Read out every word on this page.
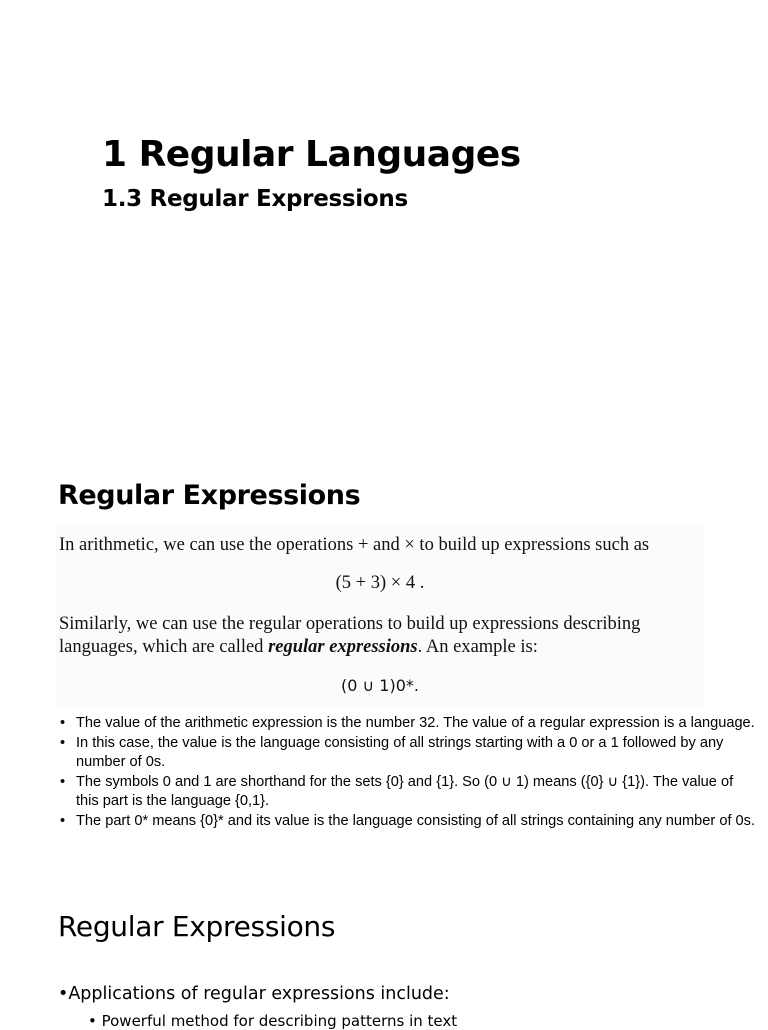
1 Regular Languages
1.3 Regular Expressions
Regular Expressions

In arithmetic, we can use the operations + and × to build up expressions such as

(5 + 3) × 4 .

Similarly, we can use the regular operations to build up expressions describing languages, which are called regular expressions. An example is:

(0 ∪ 1)0*.

• The value of the arithmetic expression is the number 32. The value of a regular expression is a language.
• In this case, the value is the language consisting of all strings starting with a 0 or a 1 followed by any number of 0s.
• The symbols 0 and 1 are shorthand for the sets {0} and {1}. So (0 ∪ 1) means ({0} ∪ {1}). The value of this part is the language {0,1}.
• The part 0* means {0}* and its value is the language consisting of all strings containing any number of 0s.
Regular Expressions

•Applications of regular expressions include:

• Powerful method for describing patterns in text
